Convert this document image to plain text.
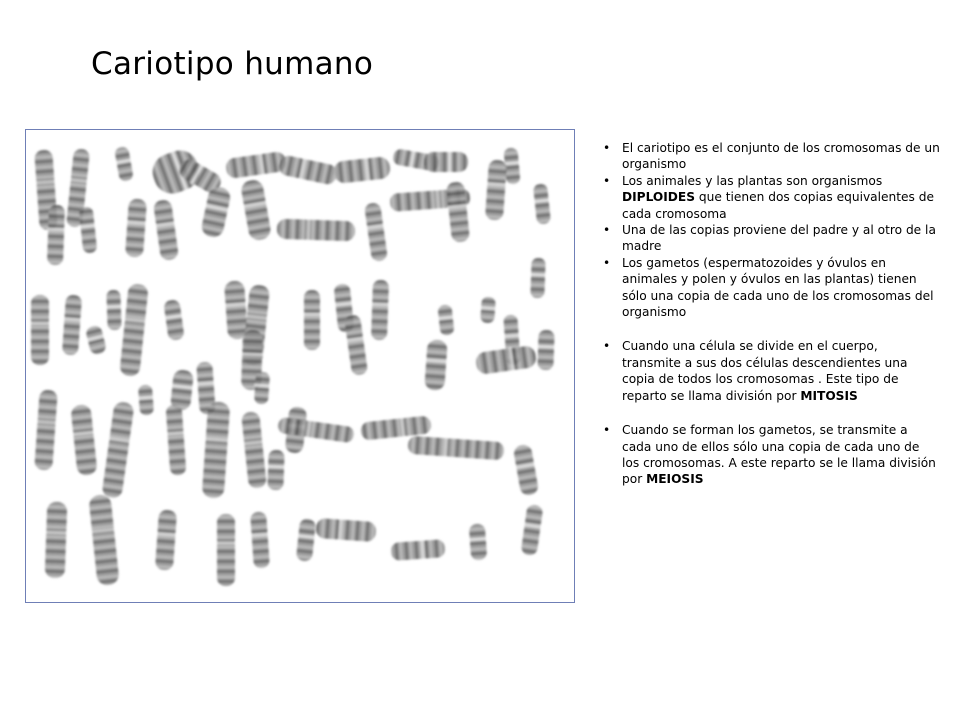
Cariotipo humano
• El cariotipo es el conjunto de los cromosomas de un organismo
• Los animales y las plantas son organismos DIPLOIDES que tienen dos copias equivalentes de cada cromosoma
• Una de las copias proviene del padre y al otro de la madre
• Los gametos (espermatozoides y óvulos en animales y polen y óvulos en las plantas) tienen sólo una copia de cada uno de los cromosomas del organismo
• Cuando una célula se divide en el cuerpo, transmite a sus dos células descendientes una copia de todos los cromosomas . Este tipo de reparto se llama división por MITOSIS
• Cuando se forman los gametos, se transmite a cada uno de ellos sólo una copia de cada uno de los cromosomas. A este reparto se le llama división por MEIOSIS
